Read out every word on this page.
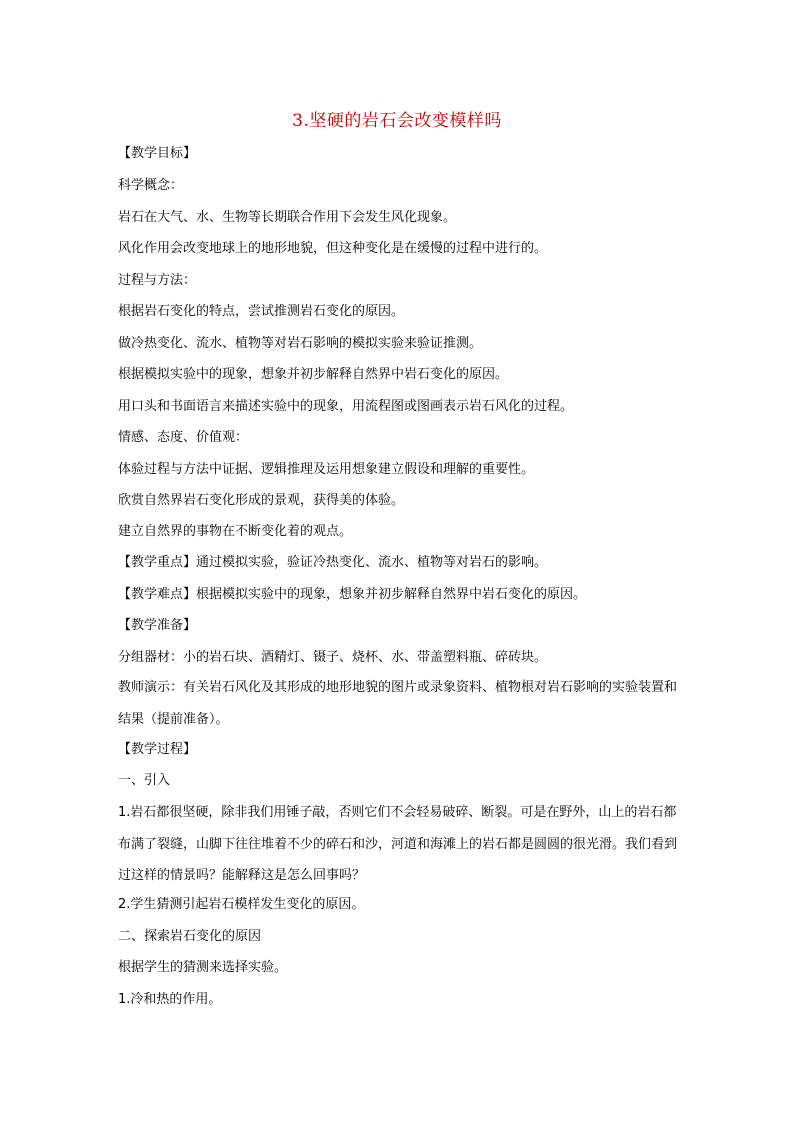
3.坚硬的岩石会改变模样吗
【教学目标】
科学概念：
岩石在大气、水、生物等长期联合作用下会发生风化现象。
风化作用会改变地球上的地形地貌，但这种变化是在缓慢的过程中进行的。
过程与方法：
根据岩石变化的特点，尝试推测岩石变化的原因。
做冷热变化、流水、植物等对岩石影响的模拟实验来验证推测。
根据模拟实验中的现象，想象并初步解释自然界中岩石变化的原因。
用口头和书面语言来描述实验中的现象，用流程图或图画表示岩石风化的过程。
情感、态度、价值观：
体验过程与方法中证据、逻辑推理及运用想象建立假设和理解的重要性。
欣赏自然界岩石变化形成的景观，获得美的体验。
建立自然界的事物在不断变化着的观点。
【教学重点】通过模拟实验，验证冷热变化、流水、植物等对岩石的影响。
【教学难点】根据模拟实验中的现象，想象并初步解释自然界中岩石变化的原因。
【教学准备】
分组器材：小的岩石块、酒精灯、镊子、烧杯、水、带盖塑料瓶、碎砖块。
教师演示：有关岩石风化及其形成的地形地貌的图片或录象资料、植物根对岩石影响的实验装置和结果（提前准备）。
【教学过程】
一、引入
1.岩石都很坚硬，除非我们用锤子敲，否则它们不会轻易破碎、断裂。可是在野外，山上的岩石都布满了裂缝，山脚下往往堆着不少的碎石和沙，河道和海滩上的岩石都是圆圆的很光滑。我们看到过这样的情景吗？能解释这是怎么回事吗？
2.学生猜测引起岩石模样发生变化的原因。
二、探索岩石变化的原因
根据学生的猜测来选择实验。
1.冷和热的作用。
